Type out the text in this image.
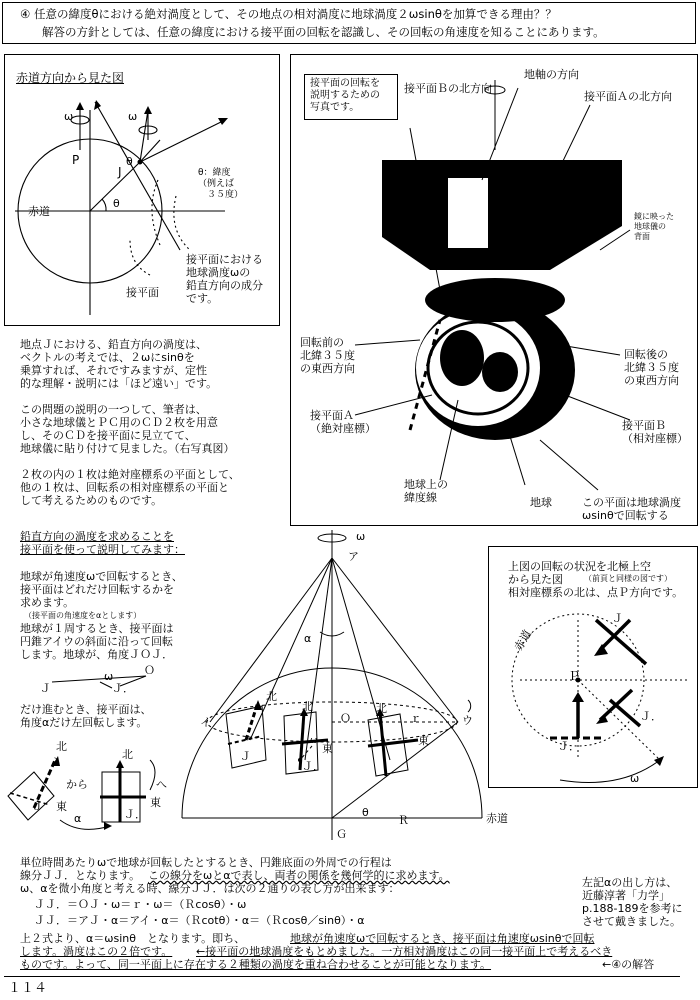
④ 任意の緯度θにおける絶対渦度として、その地点の相対渦度に地球渦度２ωsinθを加算できる理由？？
解答の方針としては、任意の緯度における接平面の回転を認識し、その回転の角速度を知ることにあります。
赤道方向から見た図
ω	ω
P
J
θ
θ
赤道
θ：緯度
（例えば
　３５度）
接平面における
地球渦度ωの
鉛直方向の成分
です。
接平面
接平面の回転を
説明するための
写真です。
接平面Ｂの北方向
地軸の方向
接平面Ａの北方向
鏡に映った
地球儀の
背面
回転前の
北緯３５度
の東西方向
回転後の
北緯３５度
の東西方向
接平面Ａ
（絶対座標）	接平面Ｂ
（相対座標）
地球上の
緯度線	地球	この平面は地球渦度
ωsinθで回転する
地点Ｊにおける、鉛直方向の渦度は、
ベクトルの考えでは、２ωにsinθを
乗算すれば、それですみますが、定性
的な理解・説明には「ほど遠い」です。

この問題の説明の一つして、筆者は、
小さな地球儀とＰＣ用のＣＤ２枚を用意
し、そのＣＤを接平面に見立てて、
地球儀に貼り付けて見ました。（右写真図）

２枚の内の１枚は絶対座標系の平面として、
他の１枚は、回転系の相対座標系の平面と
して考えるためのものです。
鉛直方向の渦度を求めることを
接平面を使って説明してみます：
地球が角速度ωで回転するとき、
接平面はどれだけ回転するかを
求めます。
（接平面の角速度をαとします）
地球が１周するとき、接平面は
円錐アイウの斜面に沿って回転
します。地球が、角度ＪＯＪ．
Ｊ
ω	Ｏ
Ｊ．
だけ進むとき、接平面は、
角度αだけ左回転します。
北
東
から
北
東
へ
α
Ｊ
Ｊ．
ω
ア
α
イ	ウ
Ｏ	ｒ
北
北	北
東
東
Ｊ
Ｊ．
ω
θ
Ｒ
Ｇ
赤道
上図の回転の状況を北極上空
から見た図	（前頁と同様の図です）
相対座標系の北は、点Ｐ方向です。
Ｊ
Ｐ
Ｊ．
Ｊ．
赤道
ω
単位時間あたりωで地球が回転したとするとき、円錐底面の外周での行程は
線分ＪＪ．となります。 この線分をωとαで表し、両者の関係を幾何学的に求めます。
ω、αを微小角度と考える時、線分ＪＪ．は次の２通りの表し方が出来ます：
ＪＪ．＝ＯＪ・ω＝ｒ・ω＝（Ｒcosθ）・ω
ＪＪ．＝アＪ・α＝アイ・α＝（Ｒcotθ）・α＝（Ｒcosθ／sinθ）・α
上２式より、α＝ωsinθ　となります。即ち、	地球が角速度ωで回転するとき、接平面は角速度ωsinθで回転
します。渦度はこの２倍です。 ←接平面の地球渦度をもとめました。一方相対渦度はこの同一接平面上で考えるべき
ものです。よって、同一平面上に存在する２種類の渦度を重ね合わせることが可能となります。	←④の解答
左記αの出し方は、
近藤淳著「力学」
p.188-189を参考に
させて戴きました。
１１４
